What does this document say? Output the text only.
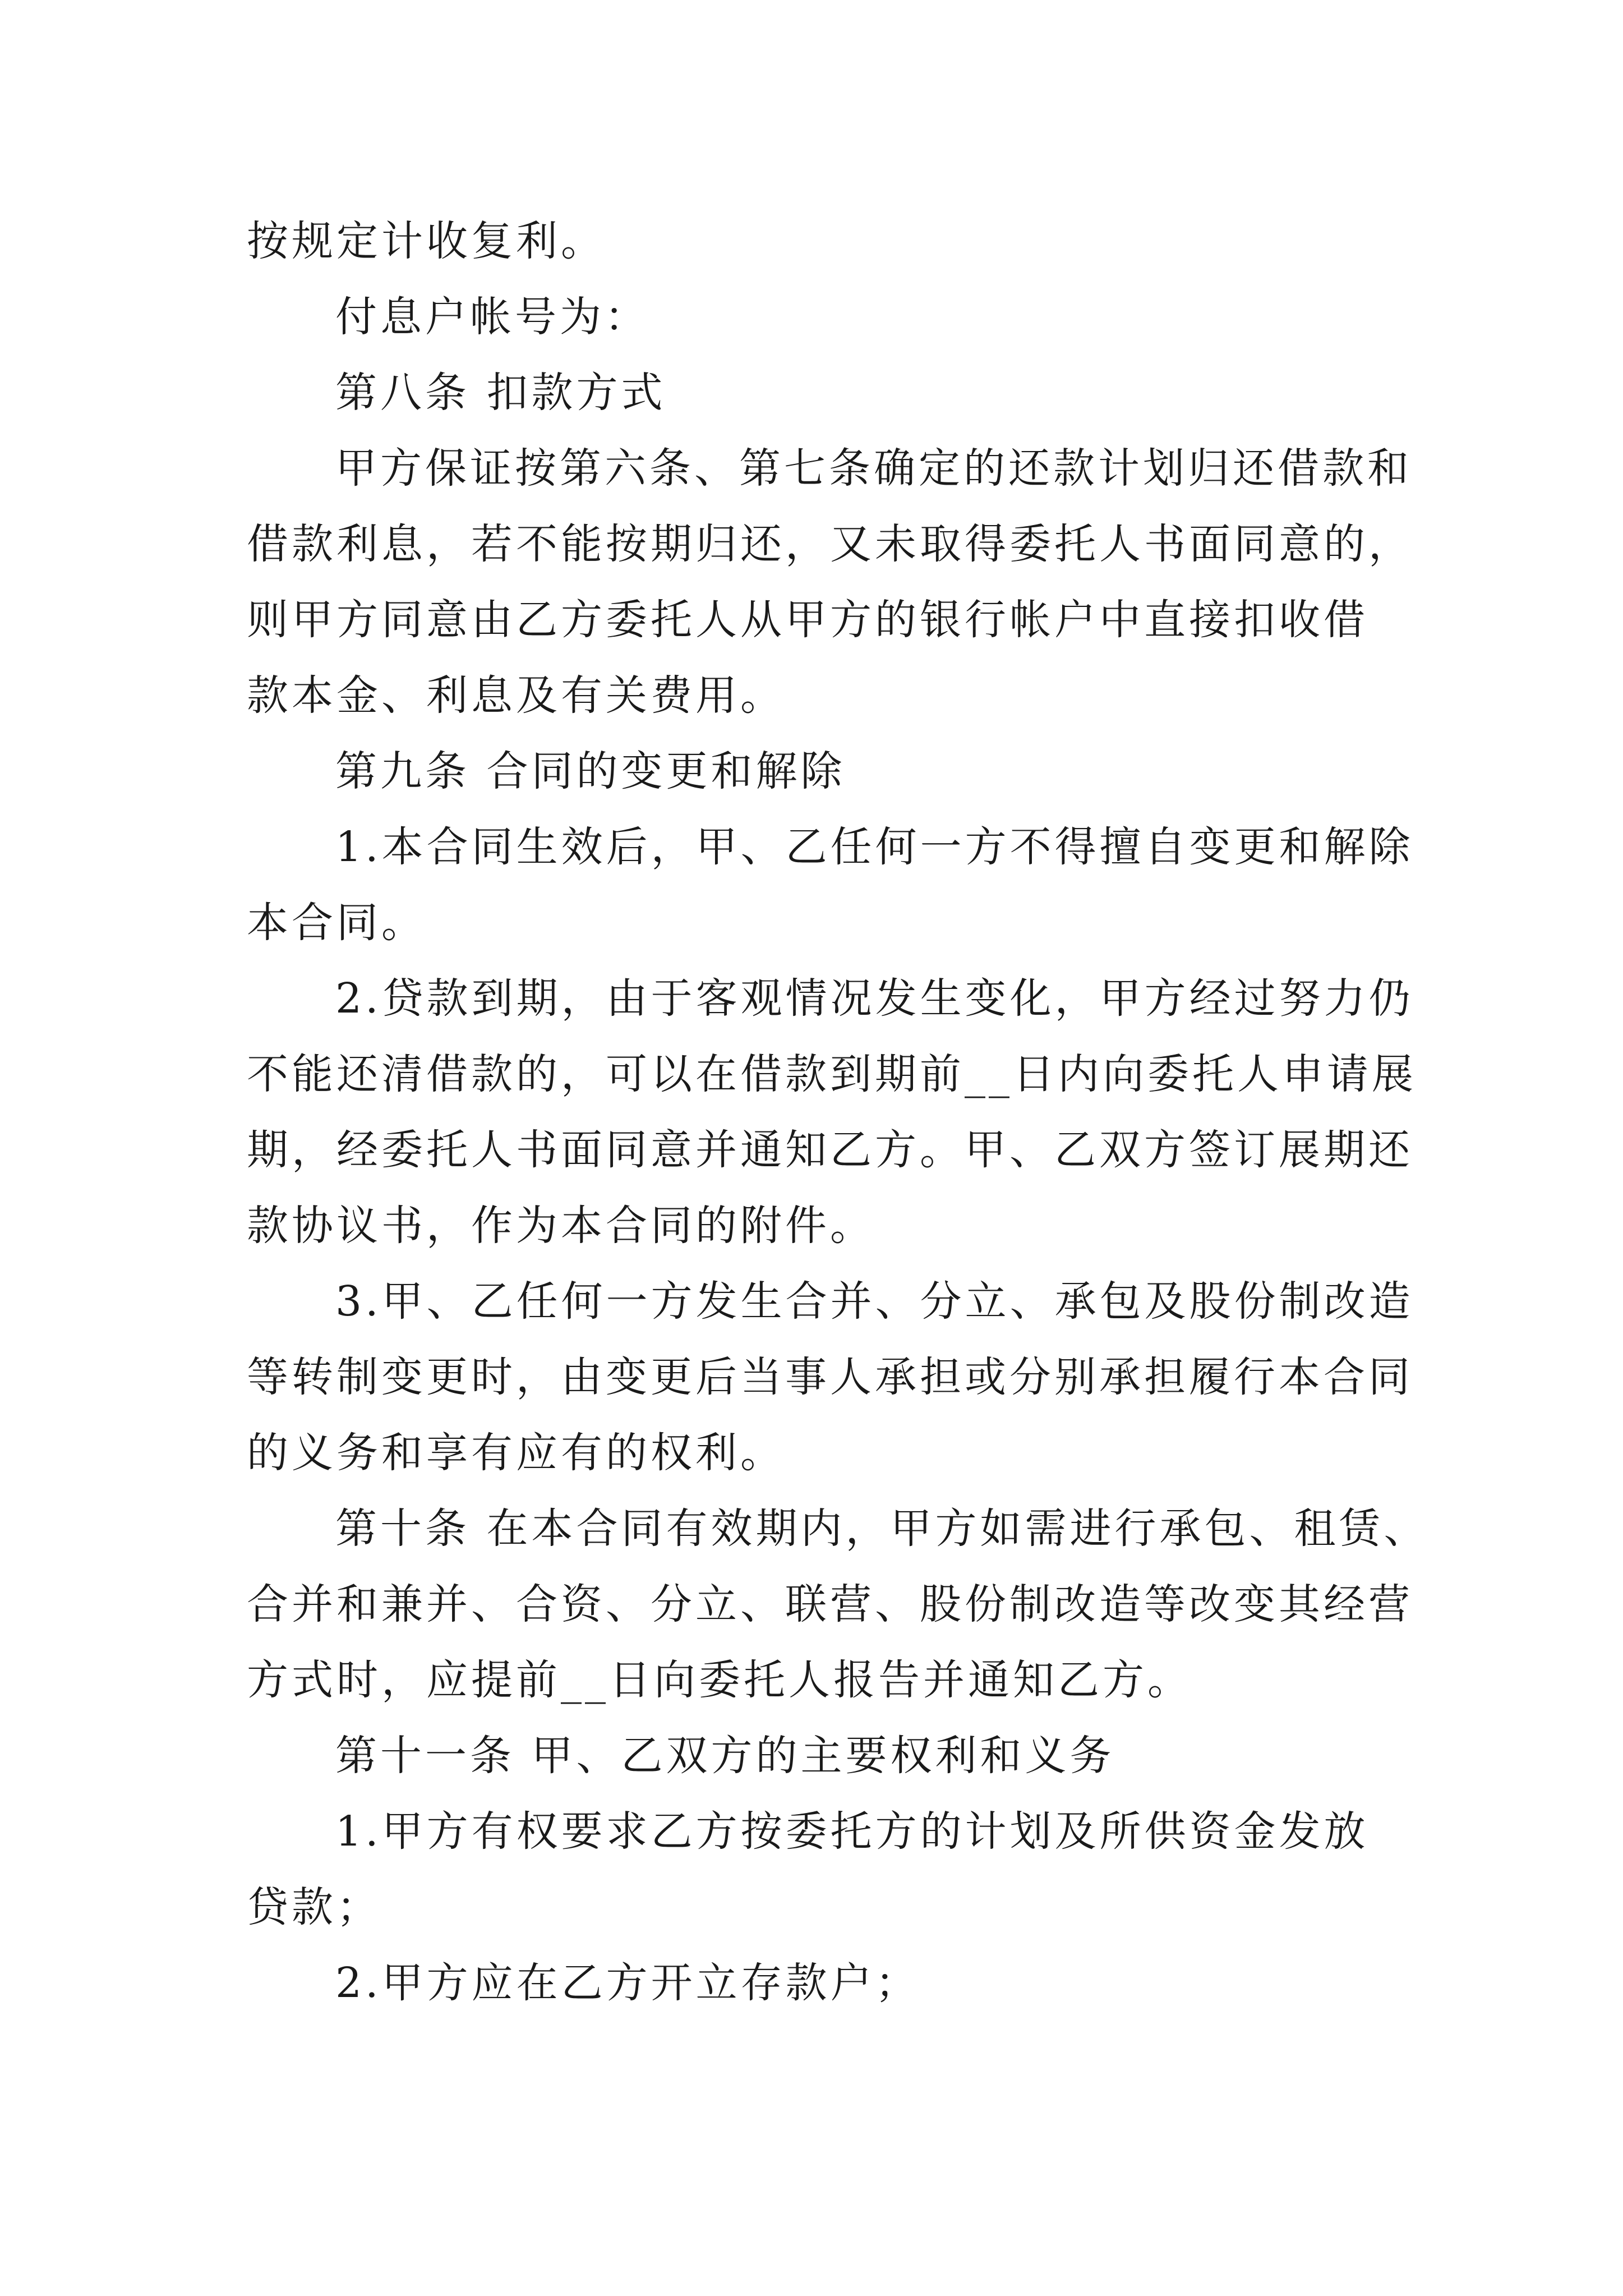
按规定计收复利。

付息户帐号为：

第八条 扣款方式

甲方保证按第六条、第七条确定的还款计划归还借款和

借款利息，若不能按期归还，又未取得委托人书面同意的，

则甲方同意由乙方委托人从甲方的银行帐户中直接扣收借

款本金、利息及有关费用。

第九条 合同的变更和解除

1.本合同生效后，甲、乙任何一方不得擅自变更和解除

本合同。

2.贷款到期，由于客观情况发生变化，甲方经过努力仍

不能还清借款的，可以在借款到期前__日内向委托人申请展

期，经委托人书面同意并通知乙方。甲、乙双方签订展期还

款协议书，作为本合同的附件。

3.甲、乙任何一方发生合并、分立、承包及股份制改造

等转制变更时，由变更后当事人承担或分别承担履行本合同

的义务和享有应有的权利。

第十条 在本合同有效期内，甲方如需进行承包、租赁、

合并和兼并、合资、分立、联营、股份制改造等改变其经营

方式时，应提前__日向委托人报告并通知乙方。

第十一条 甲、乙双方的主要权利和义务

1.甲方有权要求乙方按委托方的计划及所供资金发放

贷款；

2.甲方应在乙方开立存款户；
